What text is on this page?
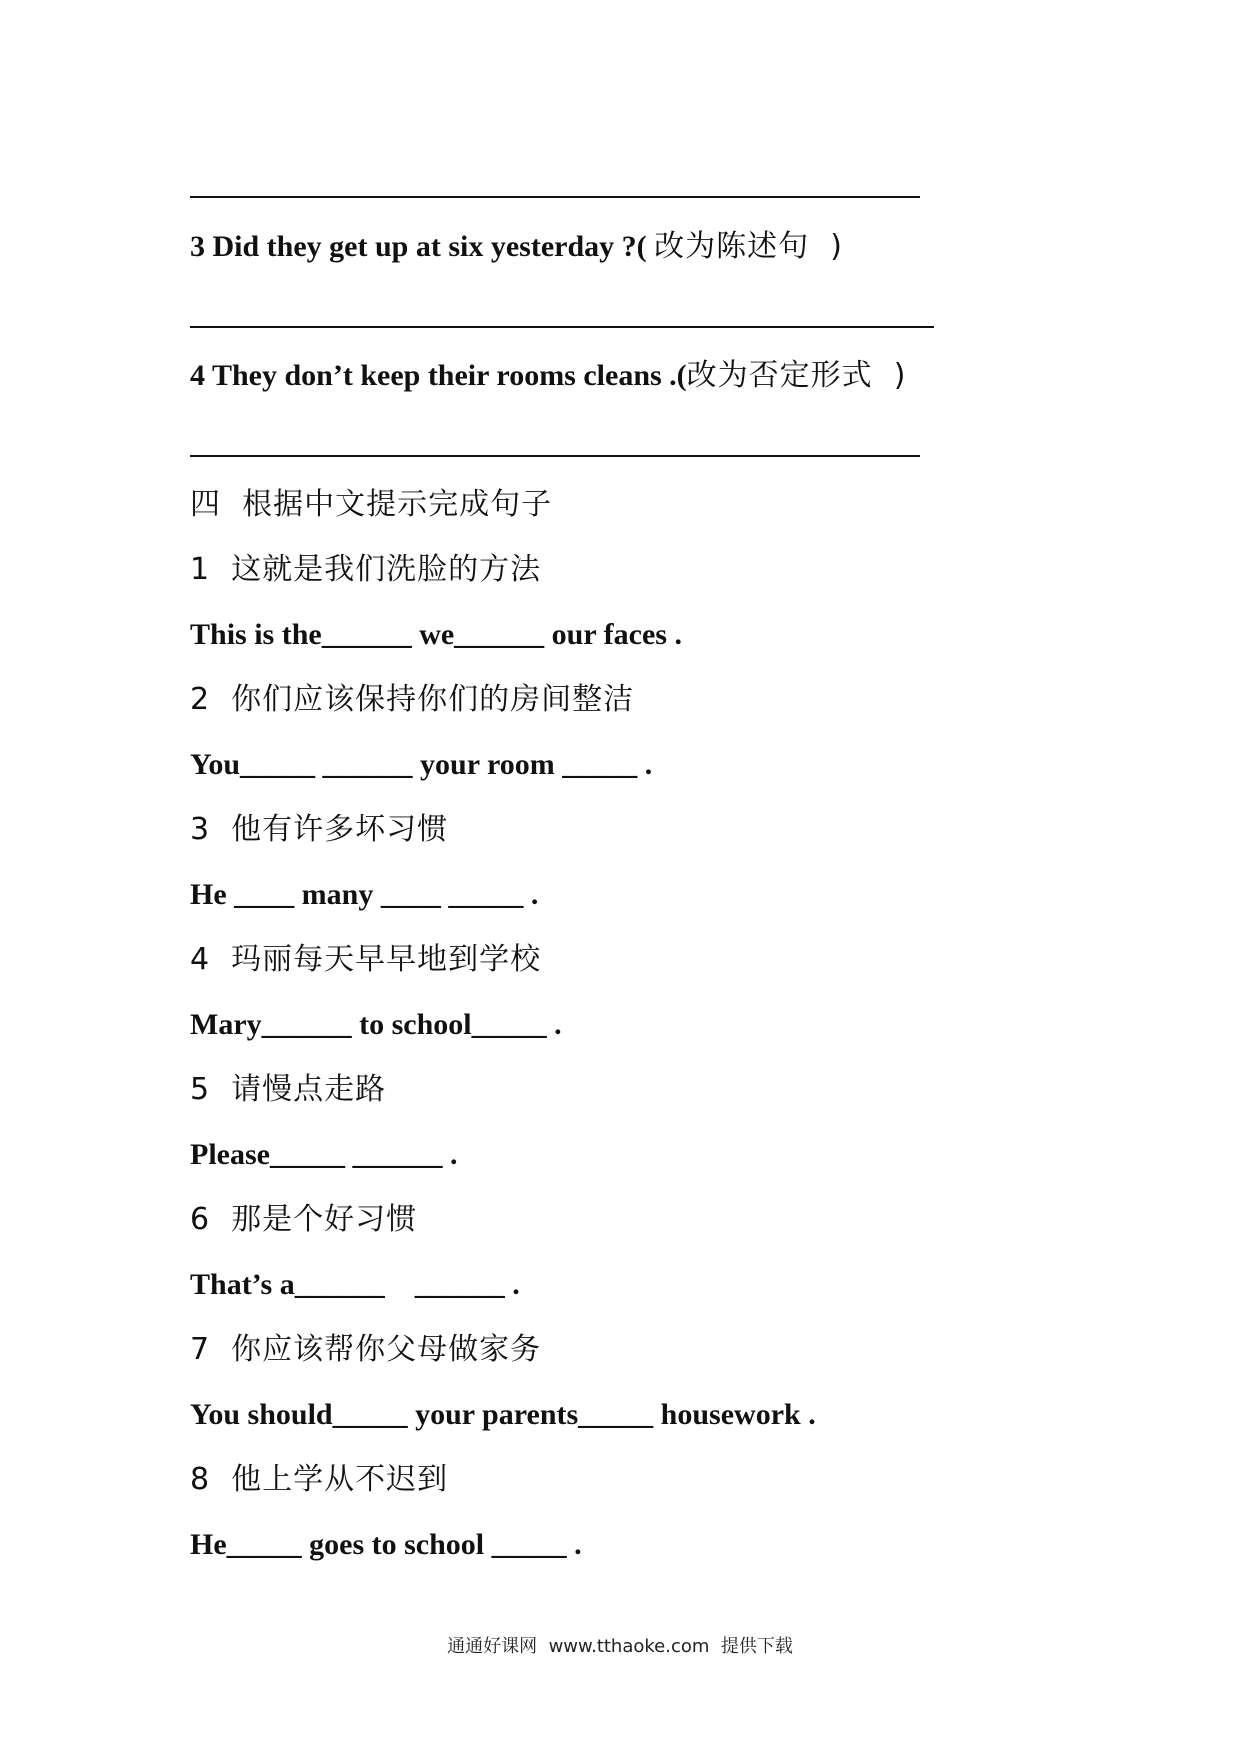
3 Did they get up at six yesterday ?( 改为陈述句  )
4 They don’t keep their rooms cleans .(改为否定形式  )
四  根据中文提示完成句子
1  这就是我们洗脸的方法
This is the______ we______ our faces .
2  你们应该保持你们的房间整洁
You_____ ______ your room _____ .
3  他有许多坏习惯
He ____ many ____ _____ .
4  玛丽每天早早地到学校
Mary______ to school_____ .
5  请慢点走路
Please_____ ______ .
6  那是个好习惯
That’s a______    ______ .
7  你应该帮你父母做家务
You should_____ your parents_____ housework .
8  他上学从不迟到
He_____ goes to school _____ .
通通好课网  www.tthaoke.com  提供下载
